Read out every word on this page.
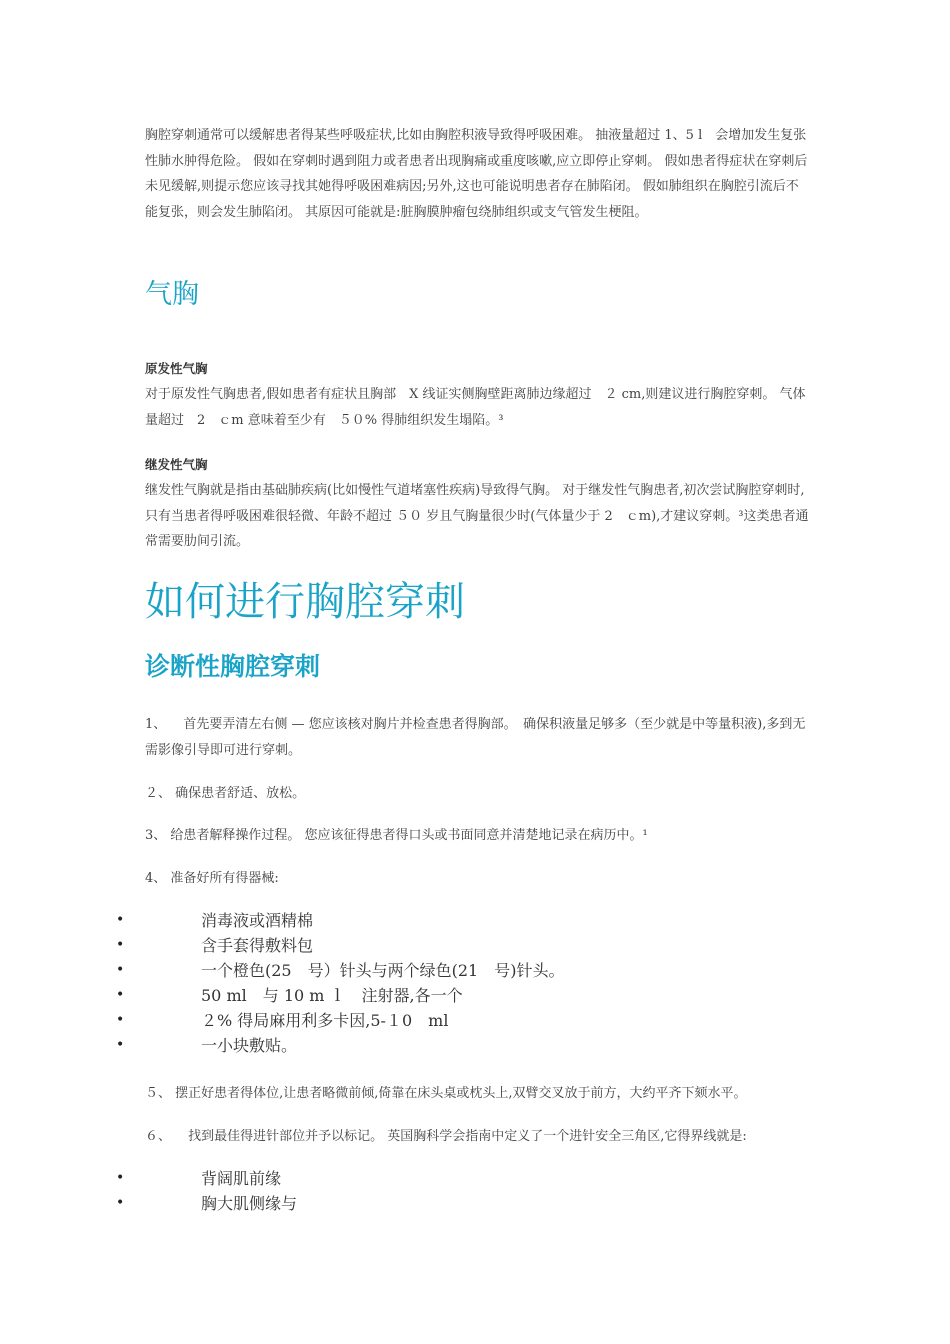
胸腔穿刺通常可以缓解患者得某些呼吸症状,比如由胸腔积液导致得呼吸困难。 抽液量超过 1、5 l　会增加发生复张性肺水肿得危险。 假如在穿刺时遇到阻力或者患者出现胸痛或重度咳嗽,应立即停止穿刺。 假如患者得症状在穿刺后未见缓解,则提示您应该寻找其她得呼吸困难病因;另外,这也可能说明患者存在肺陷闭。 假如肺组织在胸腔引流后不能复张，则会发生肺陷闭。 其原因可能就是:脏胸膜肿瘤包绕肺组织或支气管发生梗阻。

气胸
原发性气胸

对于原发性气胸患者,假如患者有症状且胸部　X 线证实侧胸壁距离肺边缘超过　２ cm,则建议进行胸腔穿刺。 气体量超过　2　ｃm 意味着至少有　５０% 得肺组织发生塌陷。³

继发性气胸

继发性气胸就是指由基础肺疾病(比如慢性气道堵塞性疾病)导致得气胸。 对于继发性气胸患者,初次尝试胸腔穿刺时,只有当患者得呼吸困难很轻微、年龄不超过 ５０ 岁且气胸量很少时(气体量少于 2　ｃm),才建议穿刺。³这类患者通常需要肋间引流。

如何进行胸腔穿刺
诊断性胸腔穿刺

1、 　首先要弄清左右侧 — 您应该核对胸片并检查患者得胸部。　确保积液量足够多（至少就是中等量积液),多到无需影像引导即可进行穿刺。

２、 确保患者舒适、放松。

3、 给患者解释操作过程。 您应该征得患者得口头或书面同意并清楚地记录在病历中。¹

4、 准备好所有得器械:

•	消毒液或酒精棉
•	含手套得敷料包
•	一个橙色(25　号）针头与两个绿色(21　号)针头。
•	50 ml　与 10 m ｌ　注射器,各一个
•	２% 得局麻用利多卡因,5-１0　ml
•	一小块敷贴。

５、 摆正好患者得体位,让患者略微前倾,倚靠在床头桌或枕头上,双臂交叉放于前方，大约平齐下颏水平。

６、 　找到最佳得进针部位并予以标记。 英国胸科学会指南中定义了一个进针安全三角区,它得界线就是:

•	背阔肌前缘
•	胸大肌侧缘与
